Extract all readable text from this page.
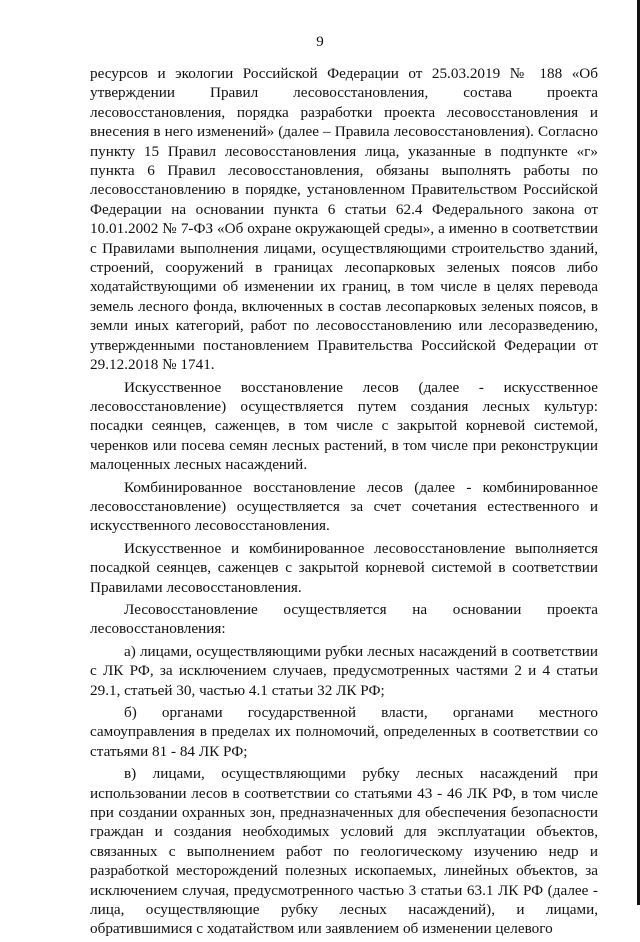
9

ресурсов и экологии Российской Федерации от 25.03.2019 № 188 «Об утверждении Правил лесовосстановления, состава проекта лесовосстановления, порядка разработки проекта лесовосстановления и внесения в него изменений» (далее – Правила лесовосстановления). Согласно пункту 15 Правил лесовосстановления лица, указанные в подпункте «г» пункта 6 Правил лесовосстановления, обязаны выполнять работы по лесовосстановлению в порядке, установленном Правительством Российской Федерации на основании пункта 6 статьи 62.4 Федерального закона от 10.01.2002 № 7-ФЗ «Об охране окружающей среды», а именно в соответствии с Правилами выполнения лицами, осуществляющими строительство зданий, строений, сооружений в границах лесопарковых зеленых поясов либо ходатайствующими об изменении их границ, в том числе в целях перевода земель лесного фонда, включенных в состав лесопарковых зеленых поясов, в земли иных категорий, работ по лесовосстановлению или лесоразведению, утвержденными постановлением Правительства Российской Федерации от 29.12.2018 № 1741.

Искусственное восстановление лесов (далее - искусственное лесовосстановление) осуществляется путем создания лесных культур: посадки сеянцев, саженцев, в том числе с закрытой корневой системой, черенков или посева семян лесных растений, в том числе при реконструкции малоценных лесных насаждений.

Комбинированное восстановление лесов (далее - комбинированное лесовосстановление) осуществляется за счет сочетания естественного и искусственного лесовосстановления.

Искусственное и комбинированное лесовосстановление выполняется посадкой сеянцев, саженцев с закрытой корневой системой в соответствии Правилами лесовосстановления.

Лесовосстановление осуществляется на основании проекта лесовосстановления:

а) лицами, осуществляющими рубки лесных насаждений в соответствии с ЛК РФ, за исключением случаев, предусмотренных частями 2 и 4 статьи 29.1, статьей 30, частью 4.1 статьи 32 ЛК РФ;

б) органами государственной власти, органами местного самоуправления в пределах их полномочий, определенных в соответствии со статьями 81 - 84 ЛК РФ;

в) лицами, осуществляющими рубку лесных насаждений при использовании лесов в соответствии со статьями 43 - 46 ЛК РФ, в том числе при создании охранных зон, предназначенных для обеспечения безопасности граждан и создания необходимых условий для эксплуатации объектов, связанных с выполнением работ по геологическому изучению недр и разработкой месторождений полезных ископаемых, линейных объектов, за исключением случая, предусмотренного частью 3 статьи 63.1 ЛК РФ (далее - лица, осуществляющие рубку лесных насаждений), и лицами, обратившимися с ходатайством или заявлением об изменении целевого
